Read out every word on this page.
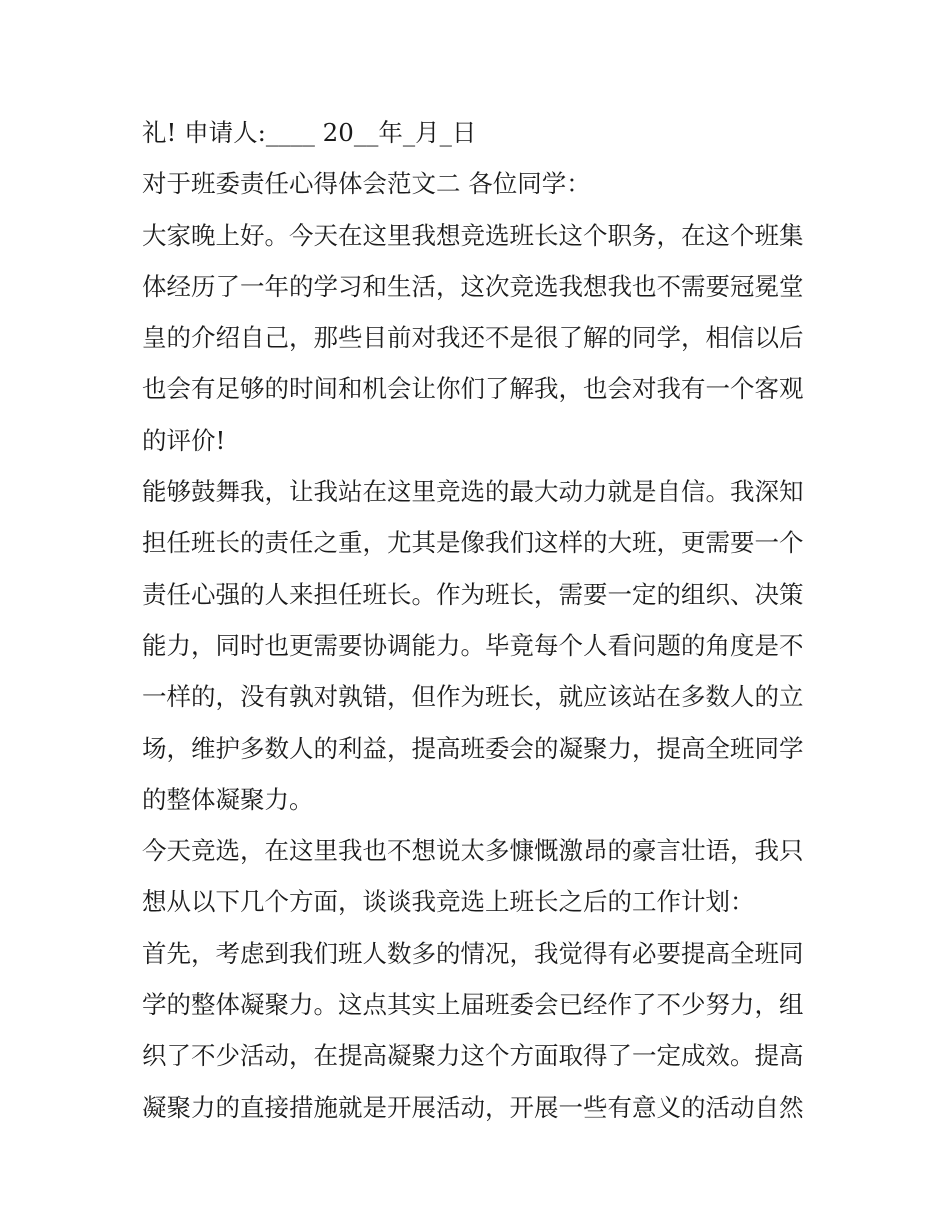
礼! 申请人:____ 20__年_月_日
对于班委责任心得体会范文二 各位同学：
大家晚上好。今天在这里我想竞选班长这个职务，在这个班集
体经历了一年的学习和生活，这次竞选我想我也不需要冠冕堂
皇的介绍自己，那些目前对我还不是很了解的同学，相信以后
也会有足够的时间和机会让你们了解我，也会对我有一个客观
的评价!
能够鼓舞我，让我站在这里竞选的最大动力就是自信。我深知
担任班长的责任之重，尤其是像我们这样的大班，更需要一个
责任心强的人来担任班长。作为班长，需要一定的组织、决策
能力，同时也更需要协调能力。毕竟每个人看问题的角度是不
一样的，没有孰对孰错，但作为班长，就应该站在多数人的立
场，维护多数人的利益，提高班委会的凝聚力，提高全班同学
的整体凝聚力。
今天竞选，在这里我也不想说太多慷慨激昂的豪言壮语，我只
想从以下几个方面，谈谈我竞选上班长之后的工作计划：
首先，考虑到我们班人数多的情况，我觉得有必要提高全班同
学的整体凝聚力。这点其实上届班委会已经作了不少努力，组
织了不少活动，在提高凝聚力这个方面取得了一定成效。提高
凝聚力的直接措施就是开展活动，开展一些有意义的活动自然
